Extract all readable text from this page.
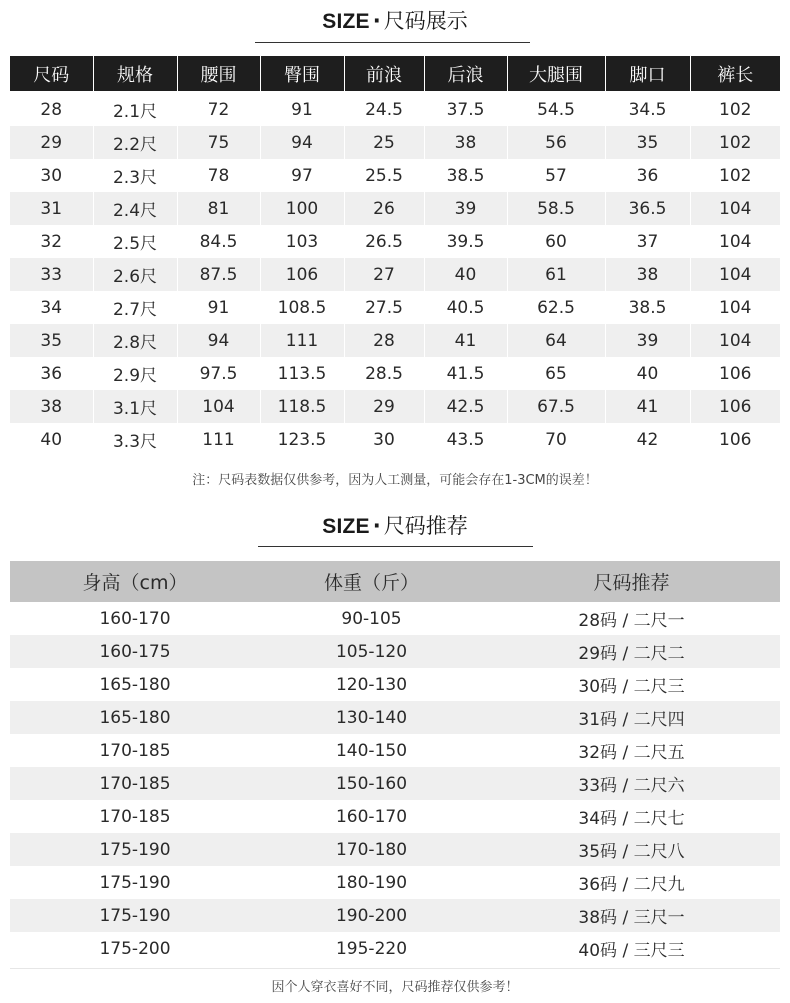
SIZE · 尺码展示
尺码	规格	腰围	臀围	前浪	后浪	大腿围	脚口	裤长
28	2.1尺	72	91	24.5	37.5	54.5	34.5	102
29	2.2尺	75	94	25	38	56	35	102
30	2.3尺	78	97	25.5	38.5	57	36	102
31	2.4尺	81	100	26	39	58.5	36.5	104
32	2.5尺	84.5	103	26.5	39.5	60	37	104
33	2.6尺	87.5	106	27	40	61	38	104
34	2.7尺	91	108.5	27.5	40.5	62.5	38.5	104
35	2.8尺	94	111	28	41	64	39	104
36	2.9尺	97.5	113.5	28.5	41.5	65	40	106
38	3.1尺	104	118.5	29	42.5	67.5	41	106
40	3.3尺	111	123.5	30	43.5	70	42	106
注：尺码表数据仅供参考，因为人工测量，可能会存在1-3CM的误差！
SIZE · 尺码推荐
身高（cm）	体重（斤）	尺码推荐
160-170	90-105	28码 / 二尺一
160-175	105-120	29码 / 二尺二
165-180	120-130	30码 / 二尺三
165-180	130-140	31码 / 二尺四
170-185	140-150	32码 / 二尺五
170-185	150-160	33码 / 二尺六
170-185	160-170	34码 / 二尺七
175-190	170-180	35码 / 二尺八
175-190	180-190	36码 / 二尺九
175-190	190-200	38码 / 三尺一
175-200	195-220	40码 / 三尺三
因个人穿衣喜好不同，尺码推荐仅供参考！
